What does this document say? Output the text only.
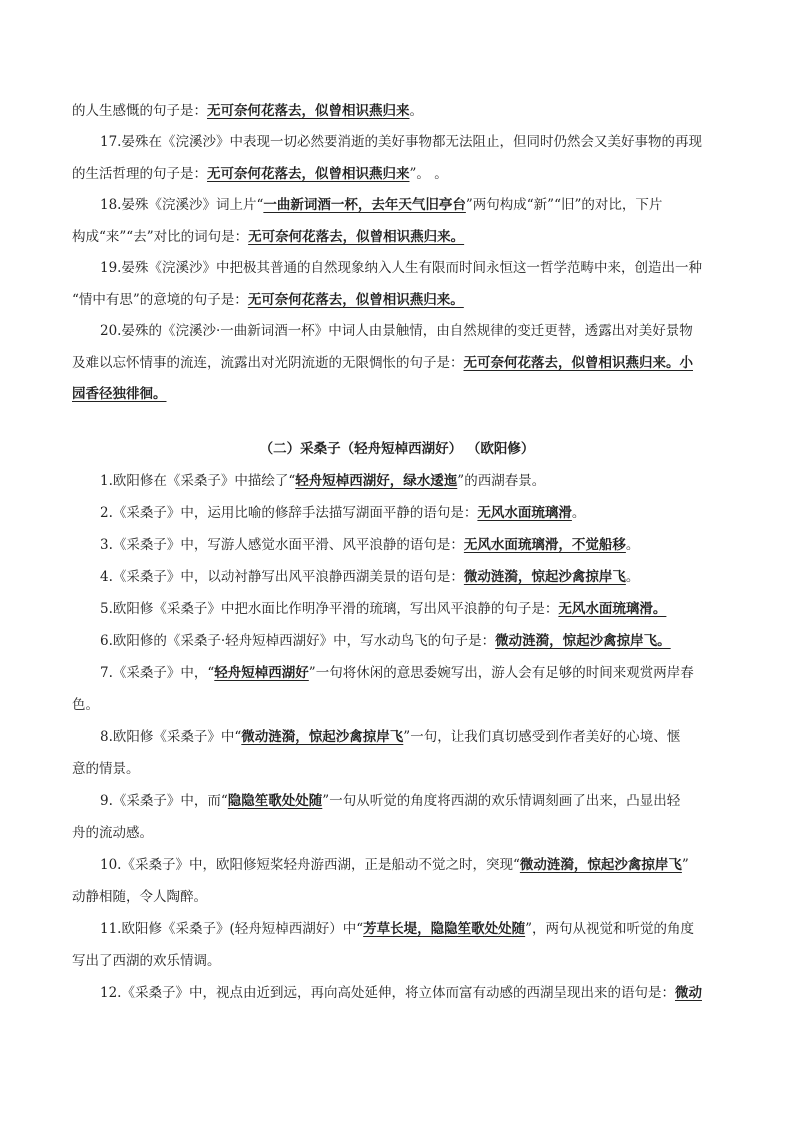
的人生感慨的句子是：无可奈何花落去，似曾相识燕归来。

17.晏殊在《浣溪沙》中表现一切必然要消逝的美好事物都无法阻止，但同时仍然会又美好事物的再现
的生活哲理的句子是：无可奈何花落去，似曾相识燕归来”。 。

18.晏殊《浣溪沙》词上片“一曲新词酒一杯，去年天气旧亭台”两句构成“新”“旧”的对比，下片
构成“来”“去”对比的词句是：无可奈何花落去，似曾相识燕归来。

19.晏殊《浣溪沙》中把极其普通的自然现象纳入人生有限而时间永恒这一哲学范畴中来，创造出一种
“情中有思”的意境的句子是：无可奈何花落去，似曾相识燕归来。

20.晏殊的《浣溪沙·一曲新词酒一杯》中词人由景触情，由自然规律的变迁更替，透露出对美好景物
及难以忘怀情事的流连，流露出对光阴流逝的无限惆怅的句子是：无可奈何花落去，似曾相识燕归来。小
园香径独徘徊。

（二）采桑子（轻舟短棹西湖好） （欧阳修）

1.欧阳修在《采桑子》中描绘了“轻舟短棹西湖好，绿水逶迤”的西湖春景。

2.《采桑子》中，运用比喻的修辞手法描写湖面平静的语句是：无风水面琉璃滑。

3.《采桑子》中，写游人感觉水面平滑、风平浪静的语句是：无风水面琉璃滑，不觉船移。

4.《采桑子》中，以动衬静写出风平浪静西湖美景的语句是：微动涟漪，惊起沙禽掠岸飞。

5.欧阳修《采桑子》中把水面比作明净平滑的琉璃，写出风平浪静的句子是：无风水面琉璃滑。

6.欧阳修的《采桑子·轻舟短棹西湖好》中，写水动鸟飞的句子是：微动涟漪，惊起沙禽掠岸飞。

7.《采桑子》中，“轻舟短棹西湖好”一句将休闲的意思委婉写出，游人会有足够的时间来观赏两岸春
色。

8.欧阳修《采桑子》中“微动涟漪，惊起沙禽掠岸飞”一句，让我们真切感受到作者美好的心境、惬
意的情景。

9.《采桑子》中，而“隐隐笙歌处处随”一句从听觉的角度将西湖的欢乐情调刻画了出来，凸显出轻
舟的流动感。

10.《采桑子》中，欧阳修短桨轻舟游西湖，正是船动不觉之时，突现“微动涟漪，惊起沙禽掠岸飞”
动静相随，令人陶醉。

11.欧阳修《采桑子》(轻舟短棹西湖好）中“芳草长堤，隐隐笙歌处处随”，两句从视觉和听觉的角度
写出了西湖的欢乐情调。

12.《采桑子》中，视点由近到远，再向高处延伸，将立体而富有动感的西湖呈现出来的语句是：微动
